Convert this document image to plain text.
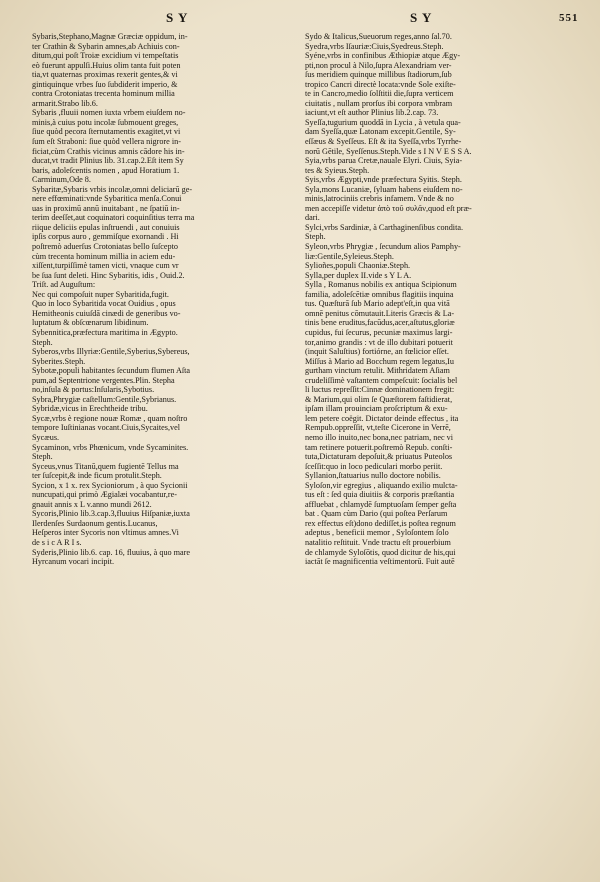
S Y	S Y	551

Sybaris,Stephano,Magnæ Græciæ oppidum, in-

ter Crathin & Sybarin amnes,ab Achiuis con-

ditum,qui poſt Troiæ excidium vi tempeſtatis

eò fuerunt appulſi.Huius olim tanta fuit poten

tia,vt quaternas proximas rexerit gentes,& vi

gintiquinque vrbes ſuo ſubdiderit imperio, &

contra Crotoniatas trecenta hominum millia

armarit.Strabo lib.6.

Sybaris ,fluuii nomen iuxta vrbem eiuſdem no-

minis,à cuius potu incolæ ſubmouent greges,

ſiue quòd pecora ſternutamentis exagitet,vt vi

ſum eſt Straboni: ſiue quòd vellera nigrore in-

ficiat,cùm Crathis vicinus amnis cādore his in-

ducat,vt tradit Plinius lib. 31.cap.2.Eſt item Sy

baris, adoleſcentis nomen , apud Horatium 1.

Carminum,Ode 8.

Sybaritæ,Sybaris vrbis incolæ,omni deliciarū ge-

nere effœminati:vnde Sybaritica menſa.Conui

uas in proximū annū inuitabant , ne ſpatiū in-

terim deeſſet,aut coquinatori coquinſitius terra ma

riique deliciis epulas inſtruendi , aut conuiuis

ipſis corpus auro , gemmiſque exornandi . Hi

poſtremò aduerſus Crotoniatas bello ſuſcepto

cùm trecenta hominum millia in aciem edu-

xiſſent,turpiſſimè tamen victi, vnaque cum vr

be ſua ſunt deleti. Hinc Sybaritis, idis , Ouid.2.

Triſt. ad Auguſtum:

Nec qui compoſuit nuper Sybaritida,fugit.

Quo in loco Sybaritida vocat Ouidius , opus

Hemitheonis cuiuſdā cinædi de generibus vo-

luptatum & obſcœnarum libidinum.

Sybennitica,præfectura maritima in Ægypto.

Steph.

Syberos,vrbs Illyriæ:Gentile,Syberius,Sybereus,

Syberites.Steph.

Sybotæ,populi habitantes ſecundum flumen Aſta

pum,ad Septentrione vergentes.Plin. Stepha

no,inſula & portus:Inſularis,Sybotius.

Sybra,Phrygiæ caſtellum:Gentile,Sybrianus.

Sybridæ,vicus in Erechtheide tribu.

Sycæ,vrbs è regione nouæ Romæ , quam noſtro

tempore Iuſtinianas vocant.Ciuis,Sycaites,vel

Sycæus.

Sycaminon, vrbs Phœnicum, vnde Sycaminites.

Steph.

Syceus,vnus Titanū,quem fugientē Tellus ma

ter ſuſcepit,& inde ficum protulit.Steph.

Sycion, x 1 x. rex Sycioniorum , à quo Sycionii

nuncupati,qui primò Ægialæi vocabantur,re-

gnauit annis x L v.anno mundi 2612.

Sycoris,Plinio lib.3.cap.3,fluuius Hiſpaniæ,iuxta

Ilerdenſes Surdaonum gentis.Lucanus,

Heſperos inter Sycoris non vltimus amnes.Vi

de s i c A R I s.

Syderis,Plinio lib.6. cap. 16, fluuius, à quo mare

Hyrcanum vocari incipit.

Sydo & Italicus,Sueuorum reges,anno ſal.70.

Syedra,vrbs Iſauriæ:Ciuis,Syedreus.Steph.

Syéne,vrbs in confinibus Æthiopiæ atque Ægy-

pti,non procul à Nilo,ſupra Alexandriam ver-

ſus meridiem quinque millibus ſtadiorum,ſub

tropico Cancri directè locata:vnde Sole exiſte-

te in Cancro,medio ſolſtitii die,ſupra verticem

ciuitatis , nullam prorſus ibi corpora vmbram

iaciunt,vt eſt author Plinius lib.2.cap. 73.

Syeſſa,tugurium quoddā in Lycia , à vetula qua-

dam Syeſſa,quæ Latonam excepit.Gentile, Sy-

eſſæus & Syeſſeus. Eſt & ita Syeſſa,vrbs Tyrrhe-

norū Gētile, Syeſſenus.Steph.Vide s I N V E S S A.

Syia,vrbs parua Cretæ,nauale Elyri. Ciuis, Syia-

tes & Syieus.Steph.

Syis,vrbs Ægypti,vnde præfectura Syitis. Steph.

Syla,mons Lucaniæ, ſyluam habens eiuſdem no-

minis,latrociniis crebris infamem. Vnde & no

men accepiſſe videtur ἀπὸ τοῦ συλᾶν,quod eſt præ-

dari.

Sylci,vrbs Sardiniæ, à Carthaginenſibus condita.

Steph.

Syleon,vrbs Phrygiæ , ſecundum alios Pamphy-

liæ:Gentile,Syleieus.Steph.

Sylioñes,populi Chaoniæ.Steph.

Sylla,per duplex II.vide s Y L A.

Sylla , Romanus nobilis ex antiqua Scipionum

familia, adoleſcētiæ omnibus flagitiis inquina

tus. Quæſturā ſub Mario adept'eſt,in qua vitā

omnē penitus cōmutauit.Literis Græcis & La-

tinis bene eruditus,facūdus,acer,aſtutus,gloriæ

cupidus, fui ſecurus, pecuniæ maximus largi-

tor,animo grandis : vt de illo dubitari potuerit

(inquit Saluſtius) fortiórne, an fœlicior eſſet.

Miſſus à Mario ad Bocchum regem legatus,Iu

gurtham vinctum retulit. Mithridatem Aſiam

crudeliſſimè vaſtantem compeſcuit: ſocialis bel

li luctus repreſſit:Cinnæ dominationem fregit:

& Marium,qui olim ſe Quæſtorem faſtidierat,

ipſam illam prouinciam proſcriptum & exu-

lem petere coëgit. Dictator deinde effectus , ita

Rempub.oppreſſit, vt,teſte Cicerone in Verrē,

nemo illo inuito,nec bona,nec patriam, nec vi

tam retinere potuerit.poſtremò Repub. conſti-

tuta,Dictaturam depoſuit,& priuatus Puteolos

ſceſſit:quo in loco pediculari morbo periit.

Syllanion,ſtatuarius nullo doctore nobilis.

Syloſon,vir egregius , aliquando exilio mulcta-

tus eſt : ſed quia diuitiis & corporis præſtantia

affluebat , chlamydē ſumptuoſam ſemper geſta

bat . Quam cùm Dario (qui poſtea Perſarum

rex effectus eſt)dono dediſſet,is poſtea regnum

adeptus , beneficii memor , Syloſontem ſolo

natalitio reſtituit. Vnde tractu eſt prouerbium

de chlamyde Syloſōtis, quod dicitur de his,qui

iactāt ſe magnificentia veſtimentorū. Fuit autē
